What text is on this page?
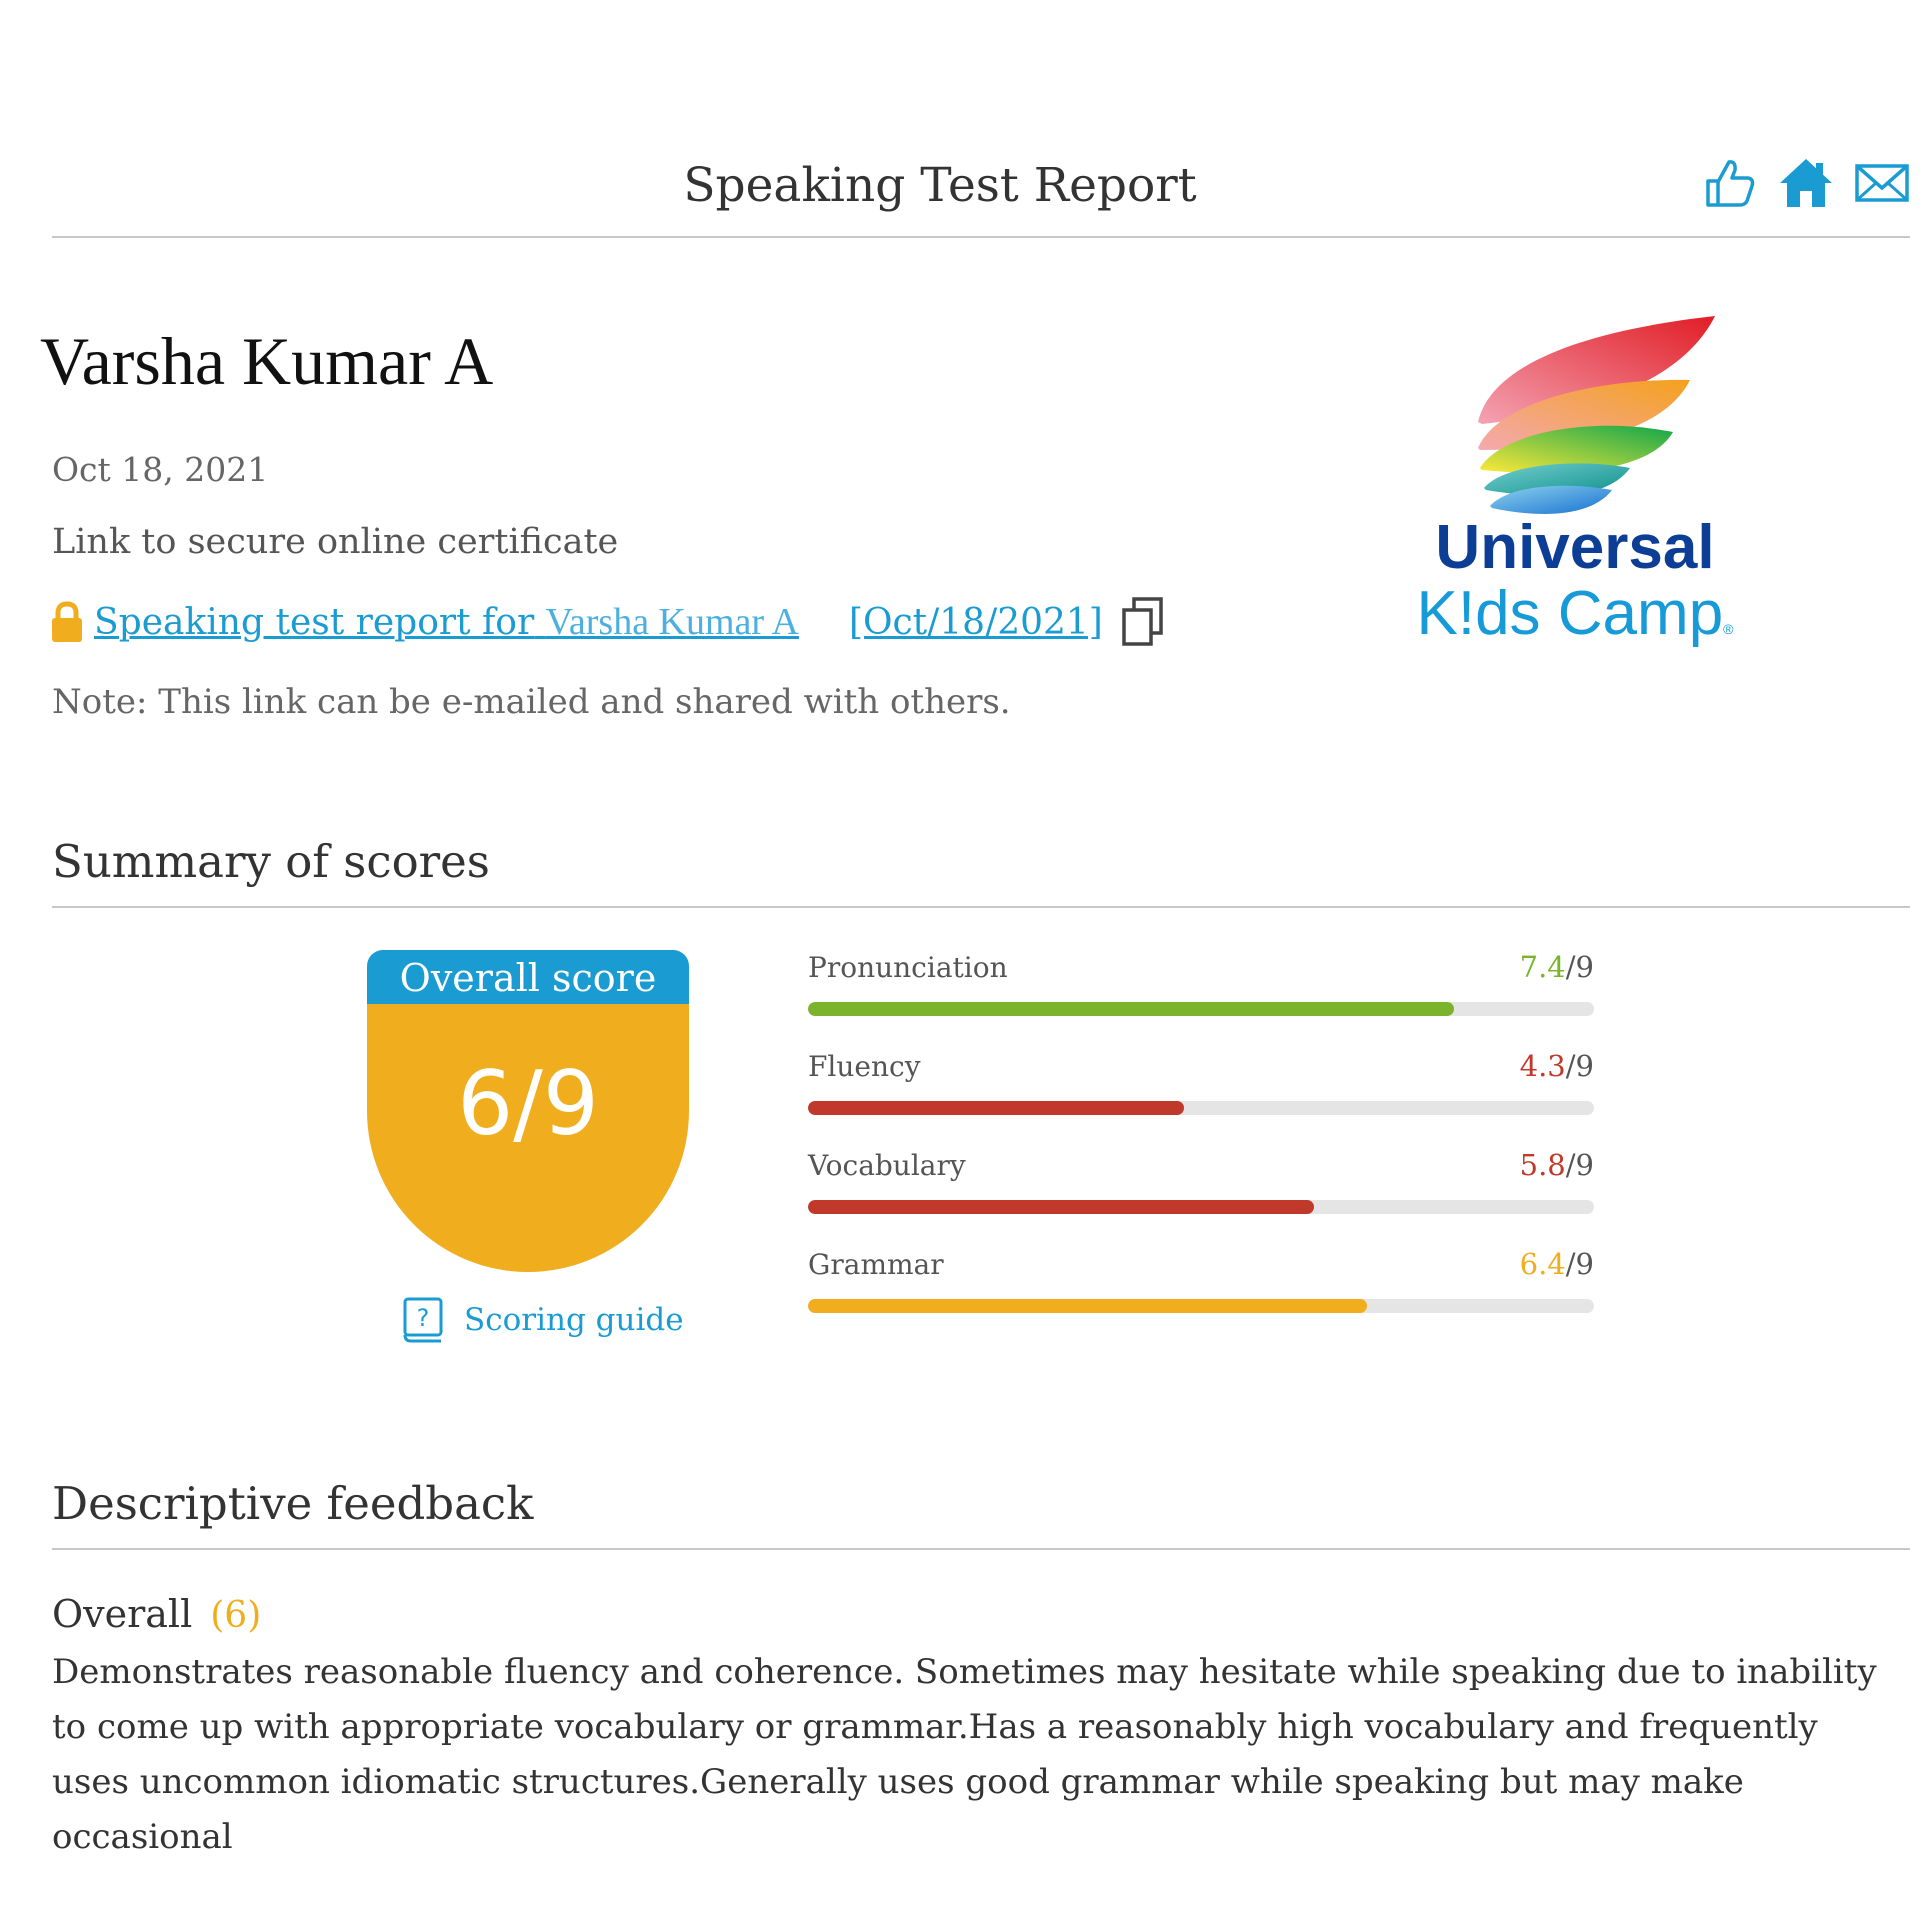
Speaking Test Report
Varsha Kumar A
Oct 18, 2021
Link to secure online certificate
Speaking test report for Varsha Kumar A [Oct/18/2021]
Note: This link can be e-mailed and shared with others.
Universal
K!ds Camp®
Summary of scores
Overall score
6/9
? Scoring guide
Pronunciation	7.4/9
Fluency	4.3/9
Vocabulary	5.8/9
Grammar	6.4/9
Descriptive feedback
Overall (6)
Demonstrates reasonable fluency and coherence. Sometimes may hesitate while speaking due to inability to come up with appropriate vocabulary or grammar.Has a reasonably high vocabulary and frequently uses uncommon idiomatic structures.Generally uses good grammar while speaking but may make occasional
